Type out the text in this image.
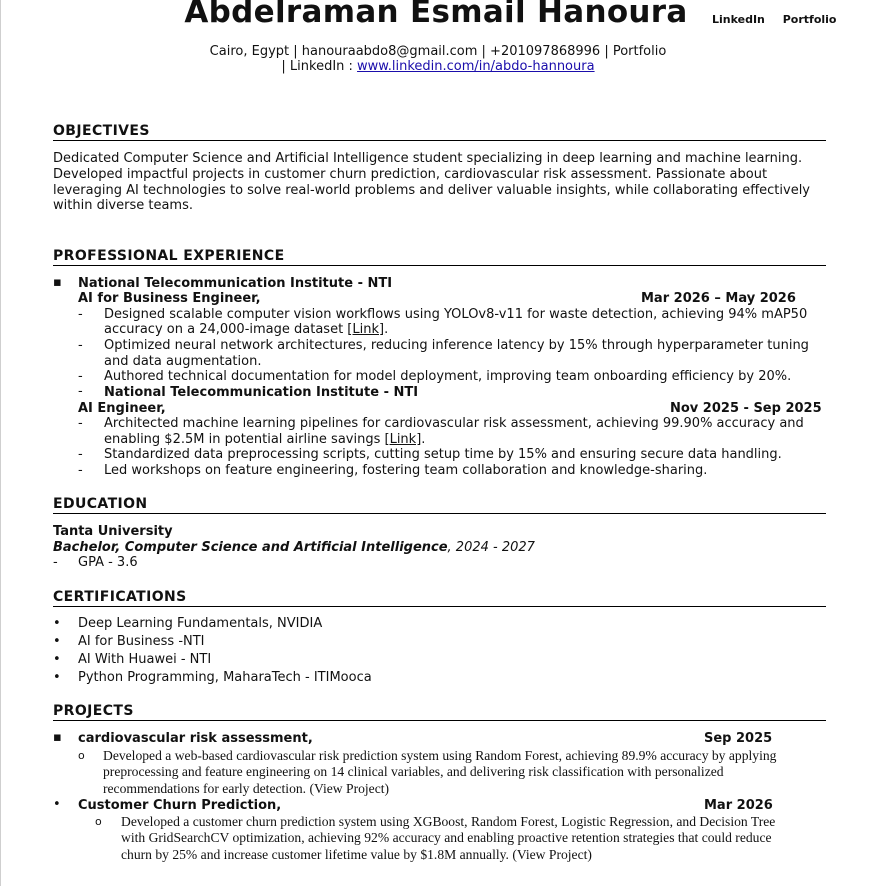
Abdelraman Esmail Hanoura	LinkedIn Portfolio
Cairo, Egypt | hanouraabdo8@gmail.com | +201097868996 | Portfolio
| LinkedIn : www.linkedin.com/in/abdo-hannoura
OBJECTIVES
Dedicated Computer Science and Artificial Intelligence student specializing in deep learning and machine learning.
Developed impactful projects in customer churn prediction, cardiovascular risk assessment. Passionate about
leveraging AI technologies to solve real-world problems and deliver valuable insights, while collaborating effectively
within diverse teams.
PROFESSIONAL EXPERIENCE
▪ National Telecommunication Institute - NTI
AI for Business Engineer,	Mar 2026 – May 2026
- Designed scalable computer vision workflows using YOLOv8-v11 for waste detection, achieving 94% mAP50
accuracy on a 24,000-image dataset [Link].
- Optimized neural network architectures, reducing inference latency by 15% through hyperparameter tuning
and data augmentation.
- Authored technical documentation for model deployment, improving team onboarding efficiency by 20%.
- National Telecommunication Institute - NTI
AI Engineer,	Nov 2025 - Sep 2025
- Architected machine learning pipelines for cardiovascular risk assessment, achieving 99.90% accuracy and
enabling $2.5M in potential airline savings [Link].
- Standardized data preprocessing scripts, cutting setup time by 15% and ensuring secure data handling.
- Led workshops on feature engineering, fostering team collaboration and knowledge-sharing.
EDUCATION
Tanta University
Bachelor, Computer Science and Artificial Intelligence, 2024 - 2027
- GPA - 3.6
CERTIFICATIONS
• Deep Learning Fundamentals, NVIDIA
• AI for Business -NTI
• AI With Huawei - NTI
• Python Programming, MaharaTech - ITIMooca
PROJECTS
▪ cardiovascular risk assessment,	Sep 2025
o Developed a web-based cardiovascular risk prediction system using Random Forest, achieving 89.9% accuracy by applying
preprocessing and feature engineering on 14 clinical variables, and delivering risk classification with personalized
recommendations for early detection. (View Project)
• Customer Churn Prediction,	Mar 2026
o Developed a customer churn prediction system using XGBoost, Random Forest, Logistic Regression, and Decision Tree
with GridSearchCV optimization, achieving 92% accuracy and enabling proactive retention strategies that could reduce
churn by 25% and increase customer lifetime value by $1.8M annually. (View Project)
